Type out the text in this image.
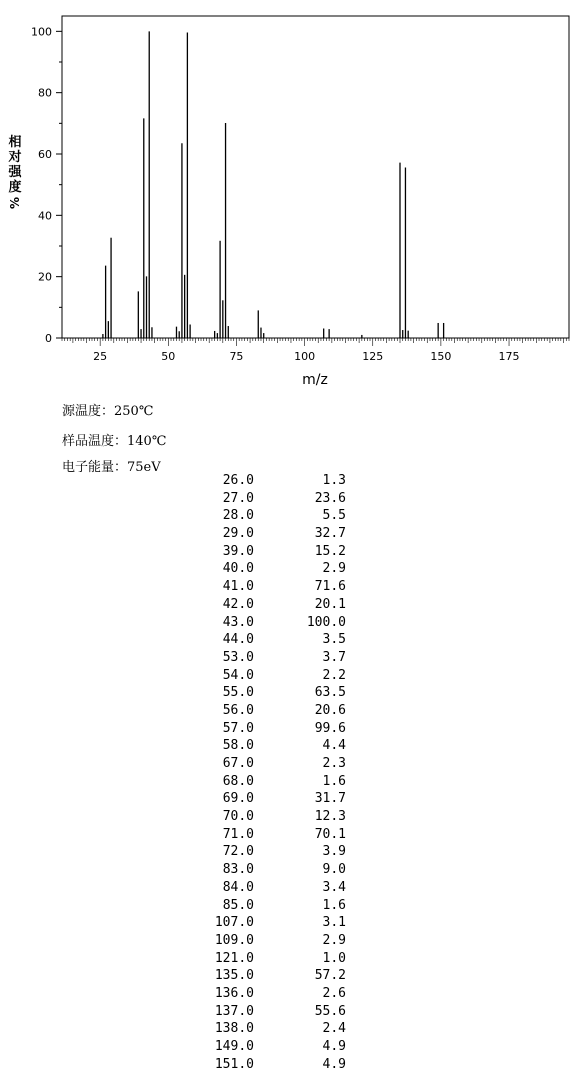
0
20
40
60
80
100
25	50	75	100	125	150	175
m/z
相
对
强
度
%
源温度：250℃
样品温度：140℃
电子能量：75eV
26.0	1.3
27.0	23.6
28.0	5.5
29.0	32.7
39.0	15.2
40.0	2.9
41.0	71.6
42.0	20.1
43.0	100.0
44.0	3.5
53.0	3.7
54.0	2.2
55.0	63.5
56.0	20.6
57.0	99.6
58.0	4.4
67.0	2.3
68.0	1.6
69.0	31.7
70.0	12.3
71.0	70.1
72.0	3.9
83.0	9.0
84.0	3.4
85.0	1.6
107.0	3.1
109.0	2.9
121.0	1.0
135.0	57.2
136.0	2.6
137.0	55.6
138.0	2.4
149.0	4.9
151.0	4.9
